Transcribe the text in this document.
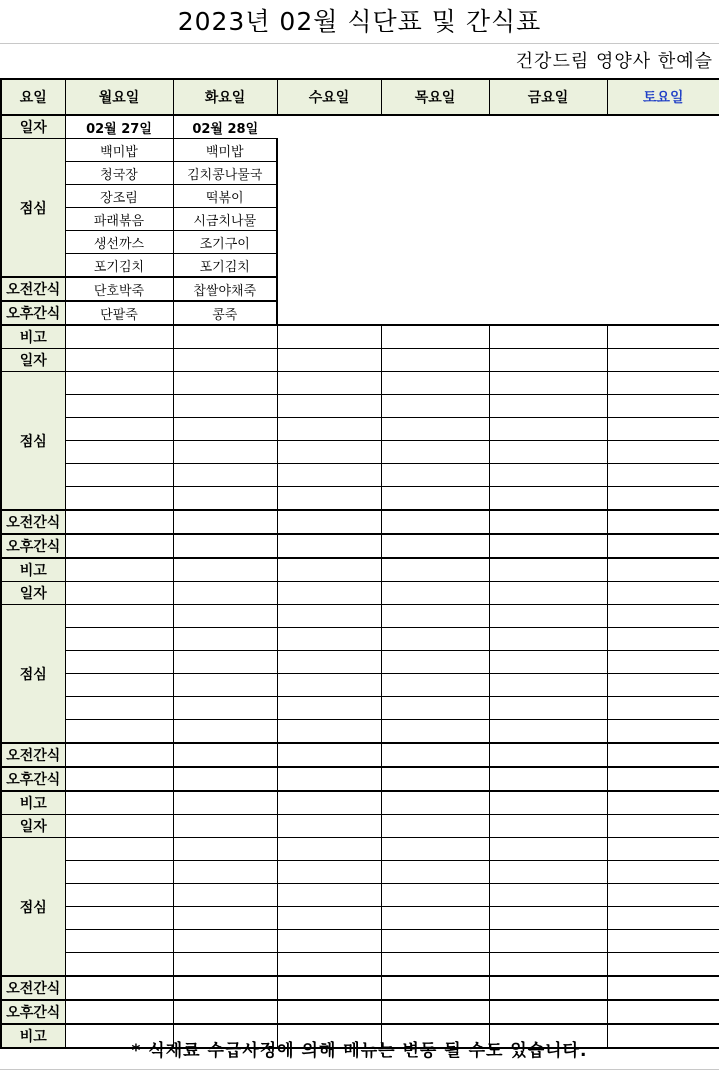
2023년 02월 식단표 및 간식표
건강드림 영양사 한예슬
요일	월요일	화요일	수요일	목요일	금요일	토요일
일자	02월 27일	02월 28일				
점심	백미밥	백미밥				
	청국장	김치콩나물국				
	장조림	떡볶이				
	파래볶음	시금치나물				
	생선까스	조기구이				
	포기김치	포기김치				
오전간식	단호박죽	찹쌀야채죽				
오후간식	단팥죽	콩죽				
비고						
일자						
점심						

오전간식						
오후간식						
비고						
일자						
점심						

오전간식						
오후간식						
비고						
일자						
점심						

오전간식						
오후간식						
비고						
* 식재료 수급사정에 의해 메뉴는 변동 될 수도 있습니다.
